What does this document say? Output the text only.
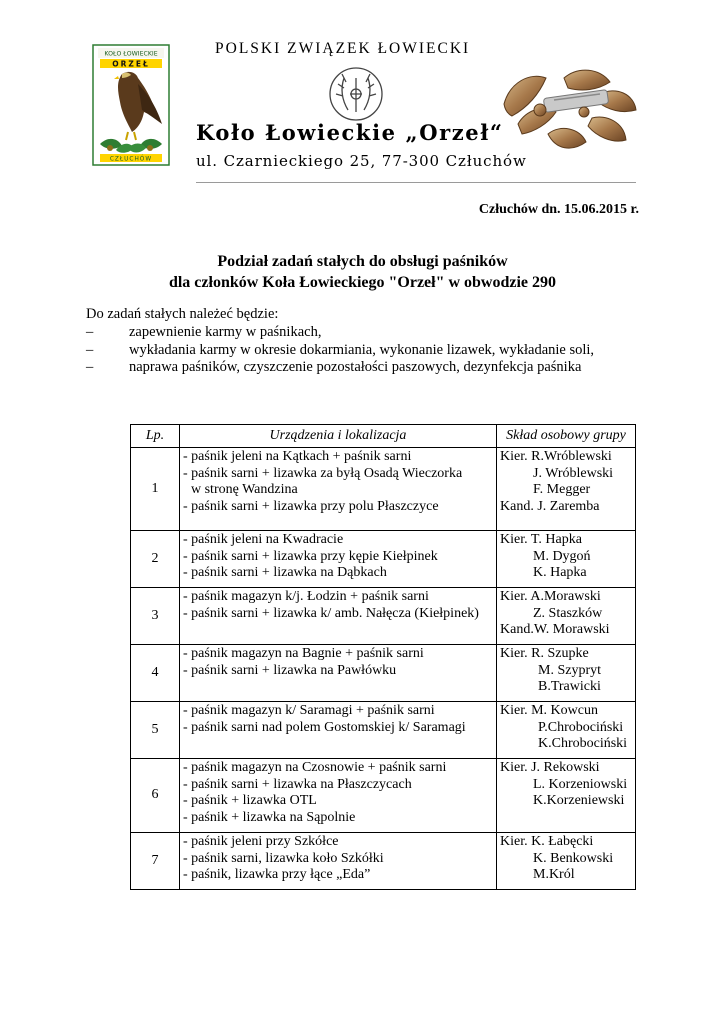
KOŁO ŁOWIECKIE
ORZEŁ
CZŁUCHÓW
POLSKI ZWIĄZEK ŁOWIECKI
Koło Łowieckie „Orzeł“
ul. Czarnieckiego 25, 77-300 Człuchów
Człuchów dn. 15.06.2015 r.
Podział zadań stałych do obsługi paśników
dla członków Koła Łowieckiego "Orzeł" w obwodzie 290
Do zadań stałych należeć będzie:
– zapewnienie karmy w paśnikach,
– wykładania karmy w okresie dokarmiania, wykonanie lizawek, wykładanie soli,
– naprawa paśników, czyszczenie pozostałości paszowych, dezynfekcja paśnika
Lp.	Urządzenia i lokalizacja	Skład osobowy grupy
1	- paśnik jeleni na Kątkach + paśnik sarni
- paśnik sarni + lizawka za byłą Osadą Wieczorka
w stronę Wandzina
- paśnik sarni + lizawka przy polu Płaszczyce	Kier. R.Wróblewski
J. Wróblewski
F. Megger
Kand. J. Zaremba

2	- paśnik jeleni na Kwadracie
- paśnik sarni + lizawka przy kępie Kiełpinek
- paśnik sarni + lizawka na Dąbkach	Kier. T. Hapka
M. Dygoń
K. Hapka

3	- paśnik magazyn k/j. Łodzin + paśnik sarni
- paśnik sarni + lizawka k/ amb. Nałęcza (Kiełpinek)	Kier. A.Morawski
Z. Staszków
Kand.W. Morawski

4	- paśnik magazyn na Bagnie + paśnik sarni
- paśnik sarni + lizawka na Pawłówku	Kier. R. Szupke
M. Szypryt
B.Trawicki

5	- paśnik magazyn k/ Saramagi + paśnik sarni
- paśnik sarni nad polem Gostomskiej k/ Saramagi	Kier. M. Kowcun
P.Chrobociński
K.Chrobociński

6	- paśnik magazyn na Czosnowie + paśnik sarni
- paśnik sarni + lizawka na Płaszczycach
- paśnik + lizawka OTL
- paśnik + lizawka na Sąpolnie	Kier. J. Rekowski
L. Korzeniowski
K.Korzeniewski

7	- paśnik jeleni przy Szkółce
- paśnik sarni, lizawka koło Szkółki
- paśnik, lizawka przy łące „Eda”	Kier. K. Łabęcki
K. Benkowski
M.Król
